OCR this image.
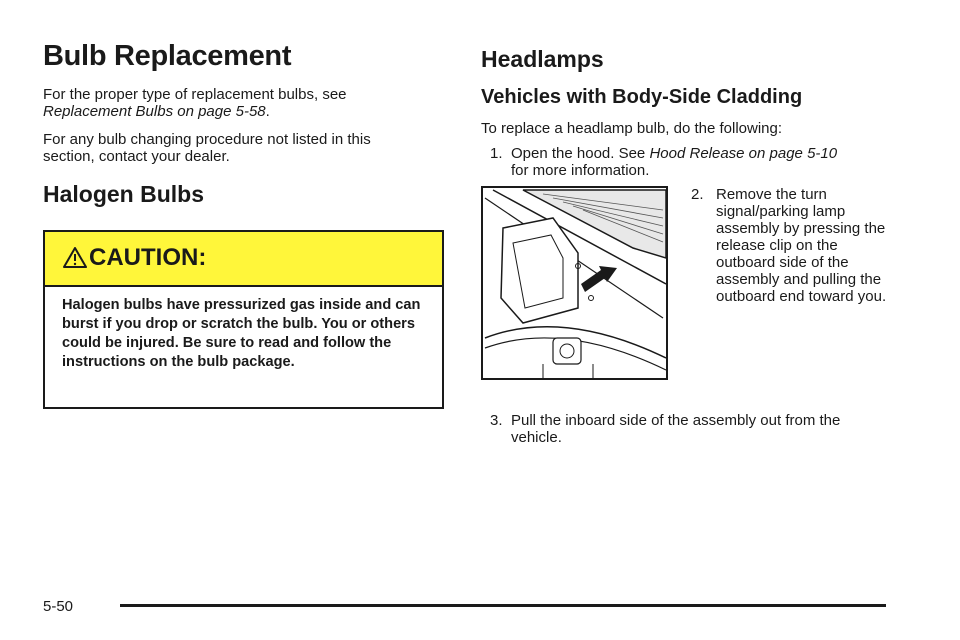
Bulb Replacement
For the proper type of replacement bulbs, see
Replacement Bulbs on page 5-58.
For any bulb changing procedure not listed in this section, contact your dealer.
Halogen Bulbs
CAUTION:
Halogen bulbs have pressurized gas inside and can burst if you drop or scratch the bulb. You or others could be injured. Be sure to read and follow the instructions on the bulb package.
Headlamps
Vehicles with Body-Side Cladding
To replace a headlamp bulb, do the following:
1. Open the hood. See Hood Release on page 5-10
for more information.
2. Remove the turn signal/parking lamp assembly by pressing the release clip on the outboard side of the assembly and pulling the outboard end toward you.
3. Pull the inboard side of the assembly out from the vehicle.
5-50
